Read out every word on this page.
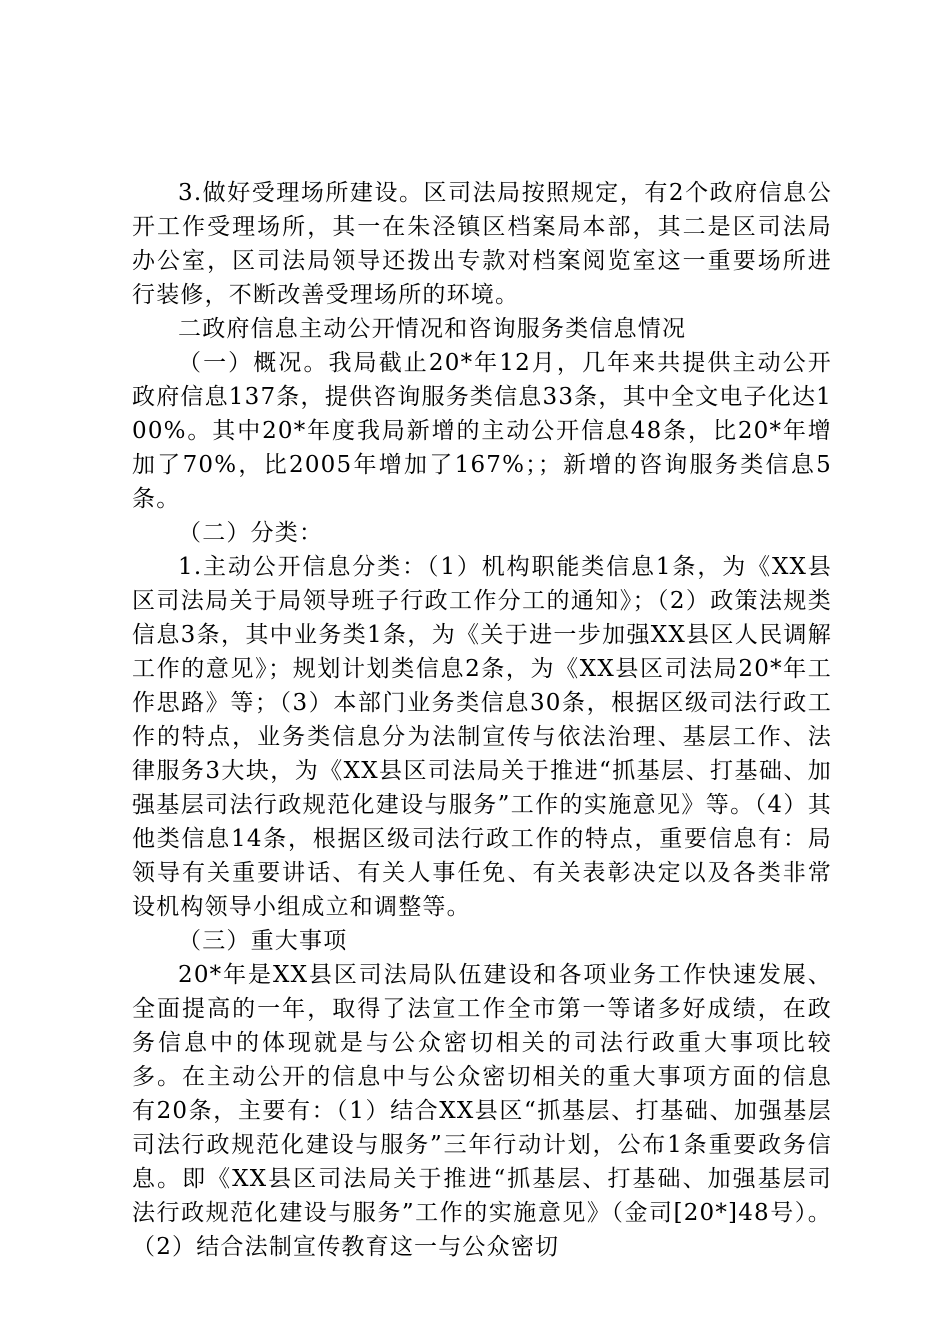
3.做好受理场所建设。区司法局按照规定，有2个政府信息公开工作受理场所，其一在朱泾镇区档案局本部，其二是区司法局办公室，区司法局领导还拨出专款对档案阅览室这一重要场所进行装修，不断改善受理场所的环境。

二政府信息主动公开情况和咨询服务类信息情况

（一）概况。我局截止20*年12月，几年来共提供主动公开政府信息137条，提供咨询服务类信息33条，其中全文电子化达100%。其中20*年度我局新增的主动公开信息48条，比20*年增加了70%，比2005年增加了167%；；新增的咨询服务类信息5条。

（二）分类：

1.主动公开信息分类：（1）机构职能类信息1条，为《XX县区司法局关于局领导班子行政工作分工的通知》；（2）政策法规类信息3条，其中业务类1条，为《关于进一步加强XX县区人民调解工作的意见》；规划计划类信息2条，为《XX县区司法局20*年工作思路》等；（3）本部门业务类信息30条，根据区级司法行政工作的特点，业务类信息分为法制宣传与依法治理、基层工作、法律服务3大块，为《XX县区司法局关于推进“抓基层、打基础、加强基层司法行政规范化建设与服务”工作的实施意见》等。（4）其他类信息14条，根据区级司法行政工作的特点，重要信息有：局领导有关重要讲话、有关人事任免、有关表彰决定以及各类非常设机构领导小组成立和调整等。

（三）重大事项

20*年是XX县区司法局队伍建设和各项业务工作快速发展、全面提高的一年，取得了法宣工作全市第一等诸多好成绩，在政务信息中的体现就是与公众密切相关的司法行政重大事项比较多。在主动公开的信息中与公众密切相关的重大事项方面的信息有20条，主要有：（1）结合XX县区“抓基层、打基础、加强基层司法行政规范化建设与服务”三年行动计划，公布1条重要政务信息。即《XX县区司法局关于推进“抓基层、打基础、加强基层司法行政规范化建设与服务”工作的实施意见》（金司[20*]48号）。（2）结合法制宣传教育这一与公众密切
